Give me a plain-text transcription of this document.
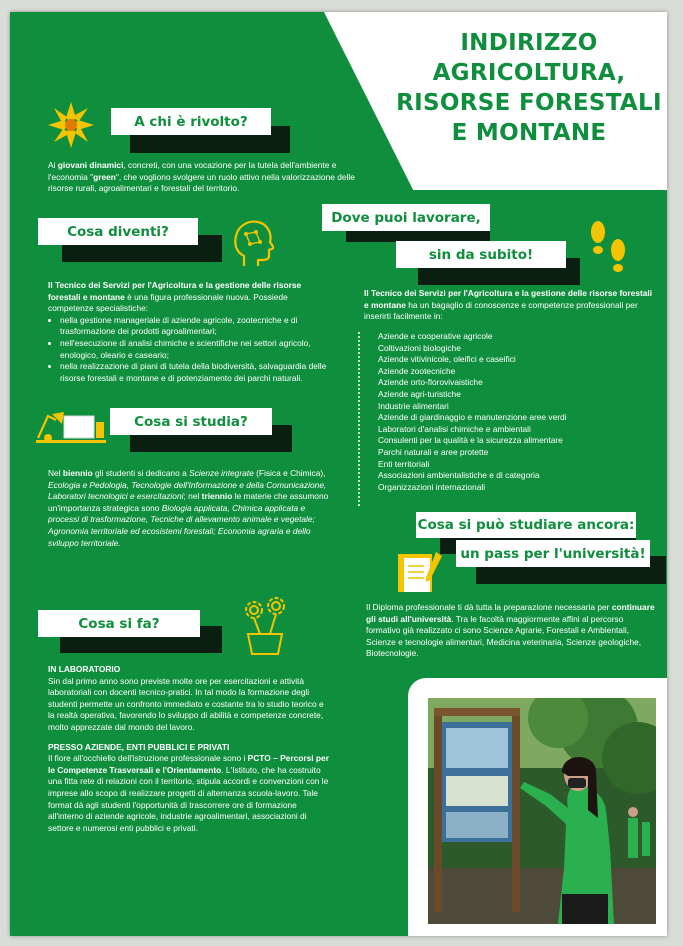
INDIRIZZO
AGRICOLTURA,
RISORSE FORESTALI
E MONTANE
A chi è rivolto?

Ai giovani dinamici, concreti, con una vocazione per la tutela dell'ambiente e l'economia "green", che vogliono svolgere un ruolo attivo nella valorizzazione delle risorse rurali, agroalimentari e forestali del territorio.

Cosa diventi?

Il Tecnico dei Servizi per l'Agricoltura e la gestione delle risorse forestali e montane è una figura professionale nuova. Possiede competenze specialistiche:

• nella gestione manageriale di aziende agricole, zootecniche e di trasformazione dei prodotti agroalimentari;
• nell'esecuzione di analisi chimiche e scientifiche nei settori agricolo, enologico, oleario e caseario;
• nella realizzazione di piani di tutela della biodiversità, salvaguardia delle risorse forestali e montane e di potenziamento dei parchi naturali.
Dove puoi lavorare,
sin da subito!

Il Tecnico dei Servizi per l'Agricoltura e la gestione delle risorse forestali e montane ha un bagaglio di conoscenze e competenze professionali per inserirti facilmente in:

Aziende e cooperative agricole
Coltivazioni biologiche
Aziende vitivinicole, oleifici e caseifici
Aziende zootecniche
Aziende orto-florovivaistiche
Aziende agri-turistiche
Industrie alimentari
Aziende di giardinaggio e manutenzione aree verdi
Laboratori d'analisi chimiche e ambientali
Consulenti per la qualità e la sicurezza alimentare
Parchi naturali e aree protette
Enti territoriali
Associazioni ambientalistiche e di categoria
Organizzazioni internazionali
Cosa si studia?

Nel biennio gli studenti si dedicano a Scienze integrate (Fisica e Chimica), Ecologia e Pedologia, Tecnologie dell'Informazione e della Comunicazione, Laboratori tecnologici e esercitazioni; nel triennio le materie che assumono un'importanza strategica sono Biologia applicata, Chimica applicata e processi di trasformazione, Tecniche di allevamento animale e vegetale; Agronomia territoriale ed ecosistemi forestali; Economia agraria e dello sviluppo territoriale.

Cosa si può studiare ancora:
un pass per l'università!

Il Diploma professionale ti dà tutta la preparazione necessaria per continuare gli studi all'università. Tra le facoltà maggiormente affini al percorso formativo già realizzato ci sono Scienze Agrarie, Forestali e Ambientali, Scienze e tecnologie alimentari, Medicina veterinaria, Scienze geologiche, Biotecnologie.

Cosa si fa?

IN LABORATORIO

Sin dal primo anno sono previste molte ore per esercitazioni e attività laboratoriali con docenti tecnico-pratici. In tal modo la formazione degli studenti permette un confronto immediato e costante tra lo studio teorico e la realtà operativa, favorendo lo sviluppo di abilità e competenze concrete, molto apprezzate dal mondo del lavoro.

PRESSO AZIENDE, ENTI PUBBLICI E PRIVATI

Il fiore all'occhiello dell'istruzione professionale sono i PCTO – Percorsi per le Competenze Trasversali e l'Orientamento. L'Istituto, che ha costruito una fitta rete di relazioni con il territorio, stipula accordi e convenzioni con le imprese allo scopo di realizzare progetti di alternanza scuola-lavoro. Tale format dà agli studenti l'opportunità di trascorrere ore di formazione all'interno di aziende agricole, industrie agroalimentari, associazioni di settore e numerosi enti pubblici e privati.
